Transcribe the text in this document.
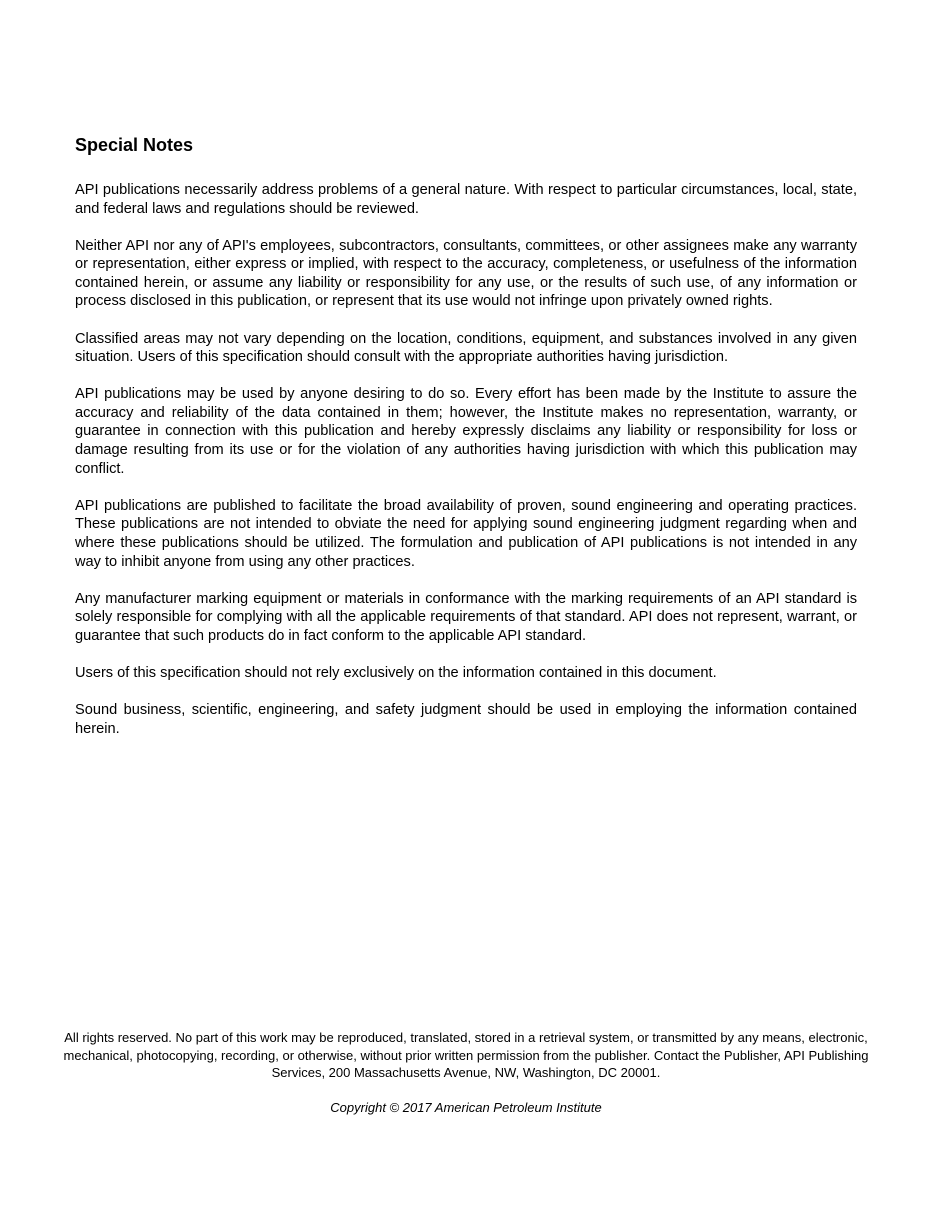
Special Notes

API publications necessarily address problems of a general nature. With respect to particular circumstances, local, state, and federal laws and regulations should be reviewed.

Neither API nor any of API's employees, subcontractors, consultants, committees, or other assignees make any warranty or representation, either express or implied, with respect to the accuracy, completeness, or usefulness of the information contained herein, or assume any liability or responsibility for any use, or the results of such use, of any information or process disclosed in this publication, or represent that its use would not infringe upon privately owned rights.

Classified areas may not vary depending on the location, conditions, equipment, and substances involved in any given situation. Users of this specification should consult with the appropriate authorities having jurisdiction.

API publications may be used by anyone desiring to do so. Every effort has been made by the Institute to assure the accuracy and reliability of the data contained in them; however, the Institute makes no representation, warranty, or guarantee in connection with this publication and hereby expressly disclaims any liability or responsibility for loss or damage resulting from its use or for the violation of any authorities having jurisdiction with which this publication may conflict.

API publications are published to facilitate the broad availability of proven, sound engineering and operating practices. These publications are not intended to obviate the need for applying sound engineering judgment regarding when and where these publications should be utilized. The formulation and publication of API publications is not intended in any way to inhibit anyone from using any other practices.

Any manufacturer marking equipment or materials in conformance with the marking requirements of an API standard is solely responsible for complying with all the applicable requirements of that standard. API does not represent, warrant, or guarantee that such products do in fact conform to the applicable API standard.

Users of this specification should not rely exclusively on the information contained in this document.

Sound business, scientific, engineering, and safety judgment should be used in employing the information contained herein.

All rights reserved. No part of this work may be reproduced, translated, stored in a retrieval system, or transmitted by any means, electronic, mechanical, photocopying, recording, or otherwise, without prior written permission from the publisher. Contact the Publisher, API Publishing Services, 200 Massachusetts Avenue, NW, Washington, DC 20001.

Copyright © 2017 American Petroleum Institute
